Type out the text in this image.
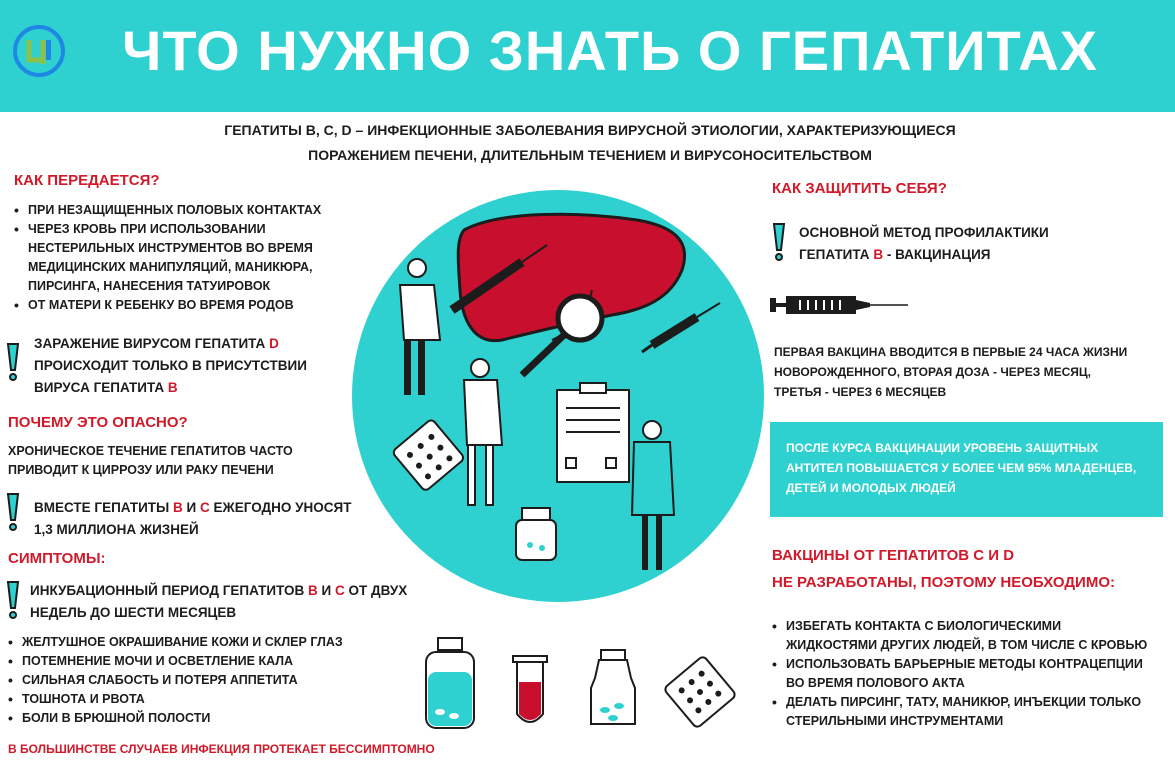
ЧТО НУЖНО ЗНАТЬ О ГЕПАТИТАХ
ГЕПАТИТЫ В, С, D – ИНФЕКЦИОННЫЕ ЗАБОЛЕВАНИЯ ВИРУСНОЙ ЭТИОЛОГИИ, ХАРАКТЕРИЗУЮЩИЕСЯ
ПОРАЖЕНИЕМ ПЕЧЕНИ, ДЛИТЕЛЬНЫМ ТЕЧЕНИЕМ И ВИРУСОНОСИТЕЛЬСТВОМ
КАК ПЕРЕДАЕТСЯ?
• ПРИ НЕЗАЩИЩЕННЫХ ПОЛОВЫХ КОНТАКТАХ
• ЧЕРЕЗ КРОВЬ ПРИ ИСПОЛЬЗОВАНИИ НЕСТЕРИЛЬНЫХ ИНСТРУМЕНТОВ ВО ВРЕМЯ МЕДИЦИНСКИХ МАНИПУЛЯЦИЙ, МАНИКЮРА, ПИРСИНГА, НАНЕСЕНИЯ ТАТУИРОВОК
• ОТ МАТЕРИ К РЕБЕНКУ ВО ВРЕМЯ РОДОВ
ЗАРАЖЕНИЕ ВИРУСОМ ГЕПАТИТА D
ПРОИСХОДИТ ТОЛЬКО В ПРИСУТСТВИИ
ВИРУСА ГЕПАТИТА В
ПОЧЕМУ ЭТО ОПАСНО?
ХРОНИЧЕСКОЕ ТЕЧЕНИЕ ГЕПАТИТОВ ЧАСТО
ПРИВОДИТ К ЦИРРОЗУ ИЛИ РАКУ ПЕЧЕНИ
ВМЕСТЕ ГЕПАТИТЫ В И С ЕЖЕГОДНО УНОСЯТ
1,3 МИЛЛИОНА ЖИЗНЕЙ
СИМПТОМЫ:
ИНКУБАЦИОННЫЙ ПЕРИОД ГЕПАТИТОВ В И С ОТ ДВУХ
НЕДЕЛЬ ДО ШЕСТИ МЕСЯЦЕВ
• ЖЕЛТУШНОЕ ОКРАШИВАНИЕ КОЖИ И СКЛЕР ГЛАЗ
• ПОТЕМНЕНИЕ МОЧИ И ОСВЕТЛЕНИЕ КАЛА
• СИЛЬНАЯ СЛАБОСТЬ И ПОТЕРЯ АППЕТИТА
• ТОШНОТА И РВОТА
• БОЛИ В БРЮШНОЙ ПОЛОСТИ
В БОЛЬШИНСТВЕ СЛУЧАЕВ ИНФЕКЦИЯ ПРОТЕКАЕТ БЕССИМПТОМНО
КАК ЗАЩИТИТЬ СЕБЯ?
ОСНОВНОЙ МЕТОД ПРОФИЛАКТИКИ
ГЕПАТИТА В - ВАКЦИНАЦИЯ
ПЕРВАЯ ВАКЦИНА ВВОДИТСЯ В ПЕРВЫЕ 24 ЧАСА ЖИЗНИ
НОВОРОЖДЕННОГО, ВТОРАЯ ДОЗА - ЧЕРЕЗ МЕСЯЦ,
ТРЕТЬЯ - ЧЕРЕЗ 6 МЕСЯЦЕВ
ПОСЛЕ КУРСА ВАКЦИНАЦИИ УРОВЕНЬ ЗАЩИТНЫХ
АНТИТЕЛ ПОВЫШАЕТСЯ У БОЛЕЕ ЧЕМ 95% МЛАДЕНЦЕВ,
ДЕТЕЙ И МОЛОДЫХ ЛЮДЕЙ
ВАКЦИНЫ ОТ ГЕПАТИТОВ С И D
НЕ РАЗРАБОТАНЫ, ПОЭТОМУ НЕОБХОДИМО:
• ИЗБЕГАТЬ КОНТАКТА С БИОЛОГИЧЕСКИМИ ЖИДКОСТЯМИ ДРУГИХ ЛЮДЕЙ, В ТОМ ЧИСЛЕ С КРОВЬЮ
• ИСПОЛЬЗОВАТЬ БАРЬЕРНЫЕ МЕТОДЫ КОНТРАЦЕПЦИИ ВО ВРЕМЯ ПОЛОВОГО АКТА
• ДЕЛАТЬ ПИРСИНГ, ТАТУ, МАНИКЮР, ИНЪЕКЦИИ ТОЛЬКО СТЕРИЛЬНЫМИ ИНСТРУМЕНТАМИ
